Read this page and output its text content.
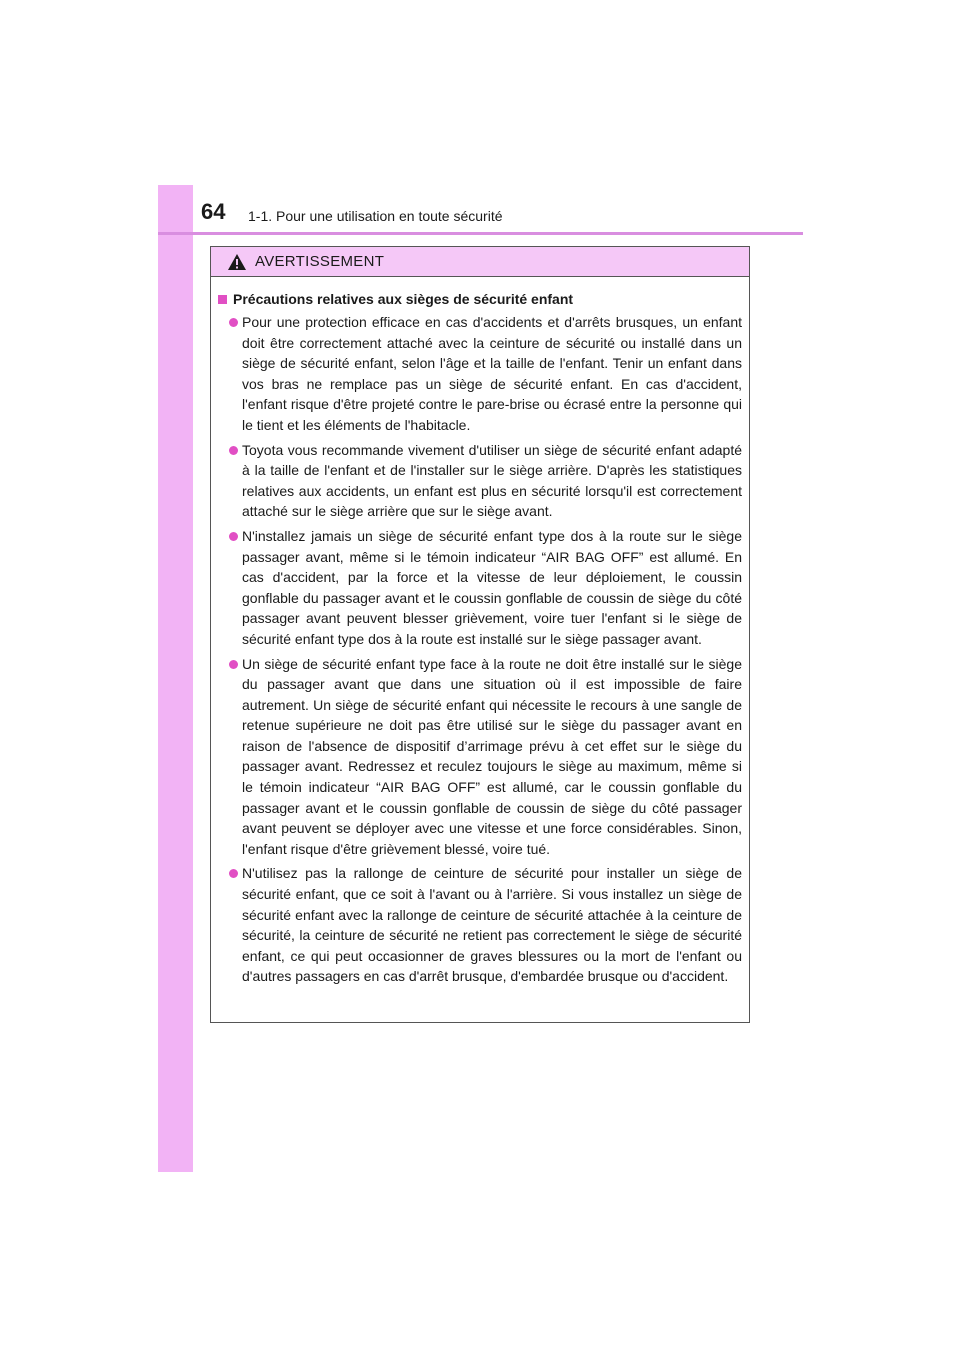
64 1-1. Pour une utilisation en toute sécurité
AVERTISSEMENT
Précautions relatives aux sièges de sécurité enfant
Pour une protection efficace en cas d'accidents et d'arrêts brusques, un enfant doit être correctement attaché avec la ceinture de sécurité ou installé dans un siège de sécurité enfant, selon l'âge et la taille de l'enfant. Tenir un enfant dans vos bras ne remplace pas un siège de sécurité enfant. En cas d'accident, l'enfant risque d'être projeté contre le pare-brise ou écrasé entre la personne qui le tient et les éléments de l'habitacle.
Toyota vous recommande vivement d'utiliser un siège de sécurité enfant adapté à la taille de l'enfant et de l'installer sur le siège arrière. D'après les statistiques relatives aux accidents, un enfant est plus en sécurité lorsqu'il est correctement attaché sur le siège arrière que sur le siège avant.
N'installez jamais un siège de sécurité enfant type dos à la route sur le siège passager avant, même si le témoin indicateur “AIR BAG OFF” est allumé. En cas d'accident, par la force et la vitesse de leur déploiement, le coussin gonflable du passager avant et le coussin gonflable de coussin de siège du côté passager avant peuvent blesser grièvement, voire tuer l'enfant si le siège de sécurité enfant type dos à la route est installé sur le siège passager avant.
Un siège de sécurité enfant type face à la route ne doit être installé sur le siège du passager avant que dans une situation où il est impossible de faire autrement. Un siège de sécurité enfant qui nécessite le recours à une sangle de retenue supérieure ne doit pas être utilisé sur le siège du passager avant en raison de l'absence de dispositif d’arrimage prévu à cet effet sur le siège du passager avant. Redressez et reculez toujours le siège au maximum, même si le témoin indicateur “AIR BAG OFF” est allumé, car le coussin gonflable du passager avant et le coussin gonflable de coussin de siège du côté passager avant peuvent se déployer avec une vitesse et une force considérables. Sinon, l'enfant risque d'être grièvement blessé, voire tué.
N'utilisez pas la rallonge de ceinture de sécurité pour installer un siège de sécurité enfant, que ce soit à l'avant ou à l'arrière. Si vous installez un siège de sécurité enfant avec la rallonge de ceinture de sécurité attachée à la ceinture de sécurité, la ceinture de sécurité ne retient pas correctement le siège de sécurité enfant, ce qui peut occasionner de graves blessures ou la mort de l'enfant ou d'autres passagers en cas d'arrêt brusque, d'embardée brusque ou d'accident.
